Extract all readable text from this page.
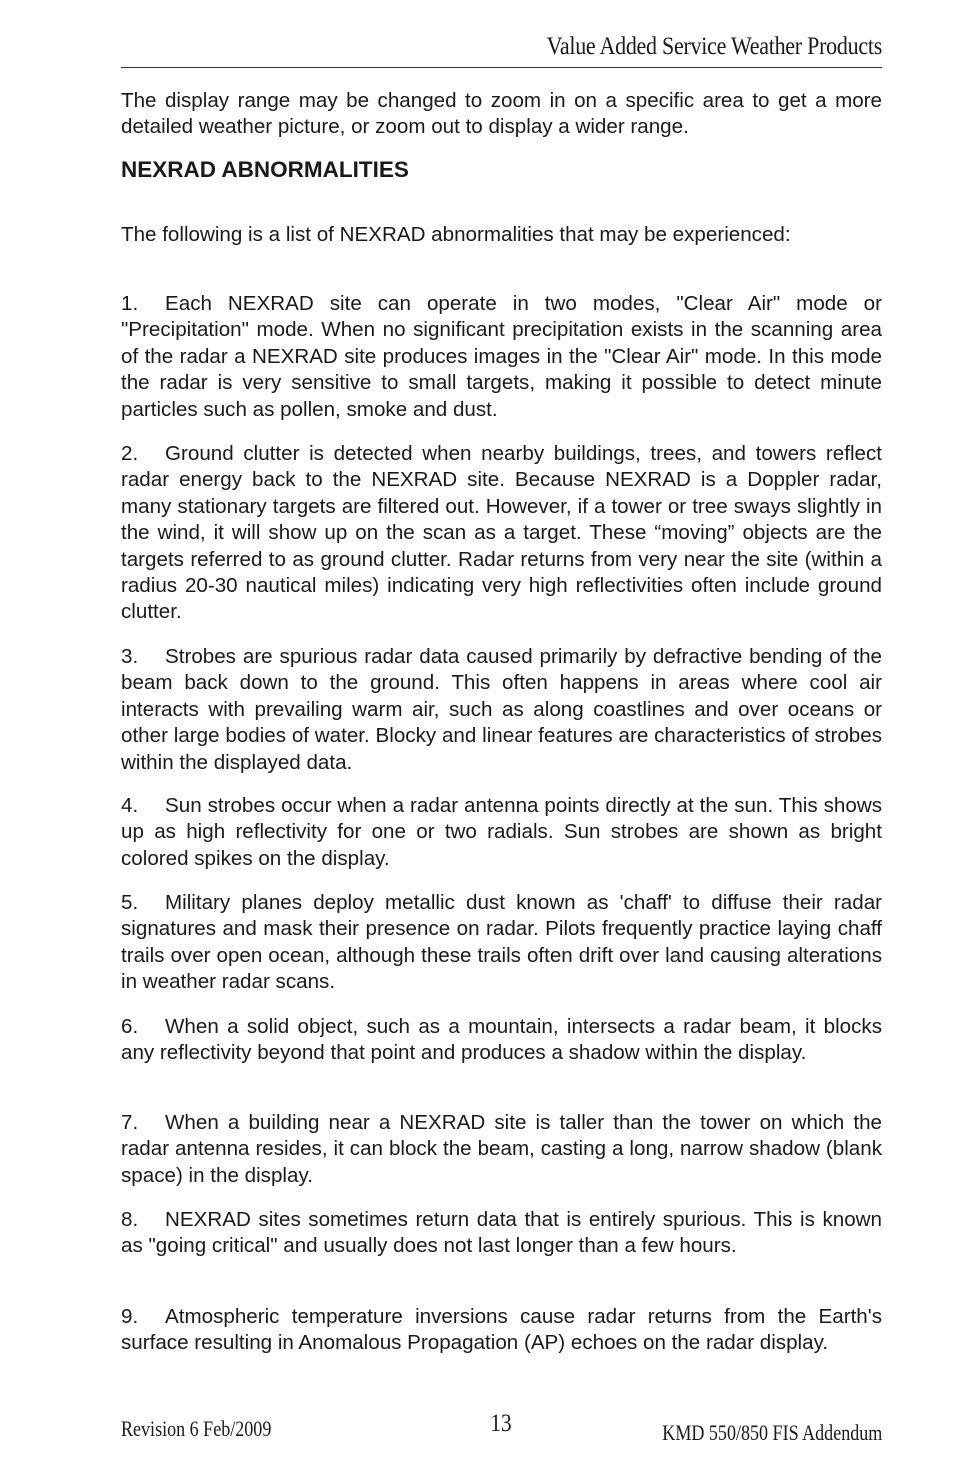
Value Added Service Weather Products

The display range may be changed to zoom in on a specific area to get a more detailed weather picture, or zoom out to display a wider range.

NEXRAD ABNORMALITIES

The following is a list of NEXRAD abnormalities that may be experienced:

1. Each NEXRAD site can operate in two modes, "Clear Air" mode or "Precipitation" mode. When no significant precipitation exists in the scanning area of the radar a NEXRAD site produces images in the "Clear Air" mode. In this mode the radar is very sensitive to small targets, making it possible to detect minute particles such as pollen, smoke and dust.

2. Ground clutter is detected when nearby buildings, trees, and towers reflect radar energy back to the NEXRAD site. Because NEXRAD is a Doppler radar, many stationary targets are filtered out. However, if a tower or tree sways slightly in the wind, it will show up on the scan as a target. These “moving” objects are the targets referred to as ground clutter. Radar returns from very near the site (within a radius 20-30 nautical miles) indicating very high reflectivities often include ground clutter.

3. Strobes are spurious radar data caused primarily by defractive bending of the beam back down to the ground. This often happens in areas where cool air interacts with prevailing warm air, such as along coastlines and over oceans or other large bodies of water. Blocky and linear features are characteristics of strobes within the displayed data.

4. Sun strobes occur when a radar antenna points directly at the sun. This shows up as high reflectivity for one or two radials. Sun strobes are shown as bright colored spikes on the display.

5. Military planes deploy metallic dust known as 'chaff' to diffuse their radar signatures and mask their presence on radar. Pilots frequently practice laying chaff trails over open ocean, although these trails often drift over land causing alterations in weather radar scans.

6. When a solid object, such as a mountain, intersects a radar beam, it blocks any reflectivity beyond that point and produces a shadow within the display.

7. When a building near a NEXRAD site is taller than the tower on which the radar antenna resides, it can block the beam, casting a long, narrow shadow (blank space) in the display.

8. NEXRAD sites sometimes return data that is entirely spurious. This is known as "going critical" and usually does not last longer than a few hours.

9. Atmospheric temperature inversions cause radar returns from the Earth's surface resulting in Anomalous Propagation (AP) echoes on the radar display.

Revision 6 Feb/2009	13	KMD 550/850 FIS Addendum
